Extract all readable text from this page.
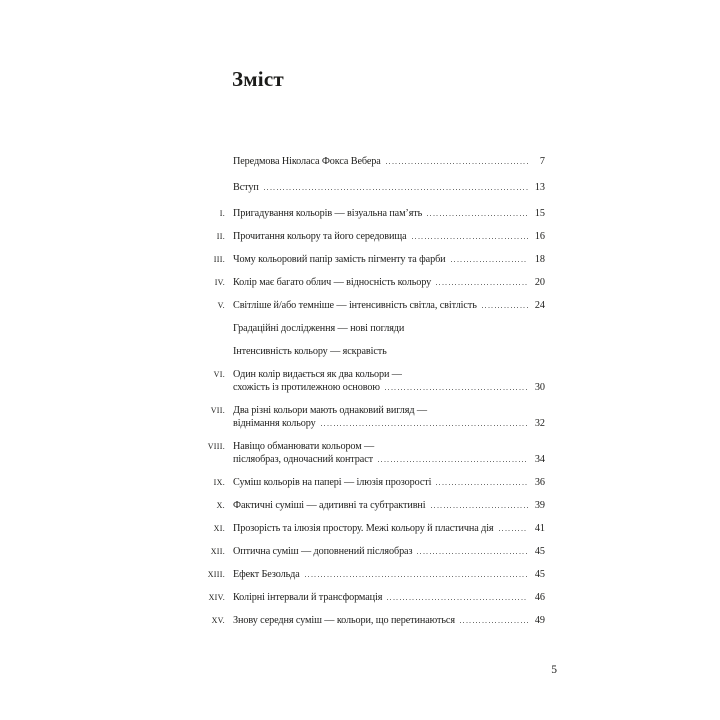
Зміст
Передмова Ніколаса Фокса Вебера	7
Вступ	13
I. Пригадування кольорів — візуальна пам’ять	15
II. Прочитання кольору та його середовища	16
III. Чому кольоровий папір замість пігменту та фарби	18
IV. Колір має багато облич — відносність кольору	20
V. Світліше й/або темніше — інтенсивність світла, світлість	24
Градаційні дослідження — нові погляди
Інтенсивність кольору — яскравість
VI. Один колір видається як два кольори —
схожість із протилежною основою	30
VII. Два різні кольори мають однаковий вигляд —
віднімання кольору	32
VIII. Навіщо обманювати кольором —
післяобраз, одночасний контраст	34
IX. Суміш кольорів на папері — ілюзія прозорості	36
X. Фактичні суміші — адитивні та субтрактивні	39
XI. Прозорість та ілюзія простору. Межі кольору й пластична дія	41
XII. Оптична суміш — доповнений післяобраз	45
XIII. Ефект Безольда	45
XIV. Колірні інтервали й трансформація	46
XV. Знову середня суміш — кольори, що перетинаються	49
5
